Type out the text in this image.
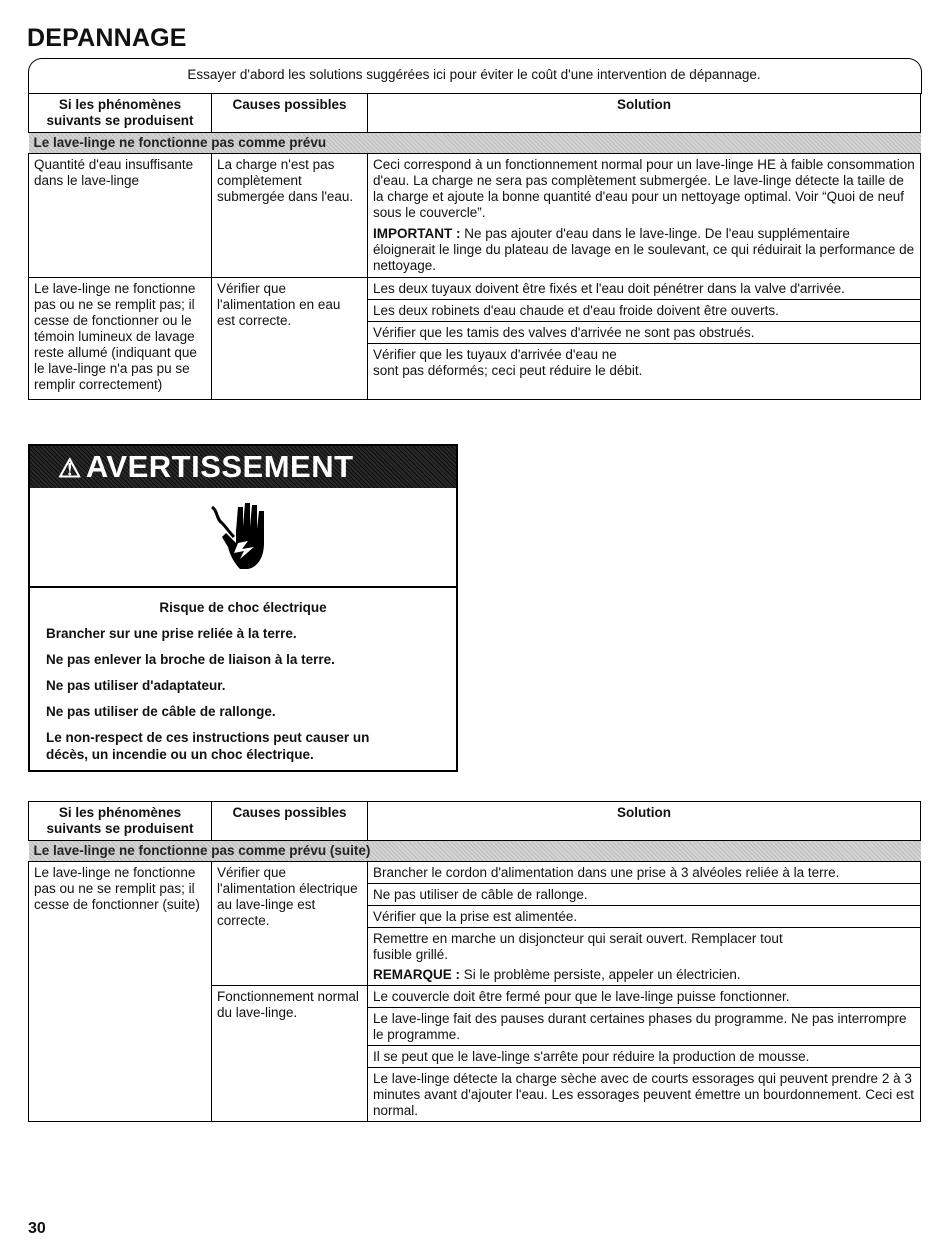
DEPANNAGE
Essayer d'abord les solutions suggérées ici pour éviter le coût d'une intervention de dépannage.
Si les phénomènes suivants se produisent	Causes possibles	Solution
Le lave-linge ne fonctionne pas comme prévu		
Quantité d'eau insuffisante dans le lave-linge	La charge n'est pas complètement submergée dans l'eau.	Ceci correspond à un fonctionnement normal pour un lave-linge HE à faible consommation d'eau. La charge ne sera pas complètement submergée. Le lave-linge détecte la taille de la charge et ajoute la bonne quantité d'eau pour un nettoyage optimal. Voir “Quoi de neuf sous le couvercle”.
IMPORTANT : Ne pas ajouter d'eau dans le lave-linge. De l'eau supplémentaire éloignerait le linge du plateau de lavage en le soulevant, ce qui réduirait la performance de nettoyage.

Le lave-linge ne fonctionne pas ou ne se remplit pas; il cesse de fonctionner ou le témoin lumineux de lavage reste allumé (indiquant que le lave-linge n'a pas pu se remplir correctement)	Vérifier que l'alimentation en eau est correcte.	Les deux tuyaux doivent être fixés et l'eau doit pénétrer dans la valve d'arrivée.
Les deux robinets d'eau chaude et d'eau froide doivent être ouverts.
Vérifier que les tamis des valves d'arrivée ne sont pas obstrués.
Vérifier que les tuyaux d'arrivée d'eau ne sont pas déformés; ceci peut réduire le débit.
⚠ AVERTISSEMENT
Risque de choc électrique
Brancher sur une prise reliée à la terre.
Ne pas enlever la broche de liaison à la terre.
Ne pas utiliser d'adaptateur.
Ne pas utiliser de câble de rallonge.
Le non-respect de ces instructions peut causer un décès, un incendie ou un choc électrique.
Si les phénomènes suivants se produisent	Causes possibles	Solution
Le lave-linge ne fonctionne pas comme prévu (suite)		
Le lave-linge ne fonctionne pas ou ne se remplit pas; il cesse de fonctionner (suite)	Vérifier que l'alimentation électrique au lave-linge est correcte.	Brancher le cordon d'alimentation dans une prise à 3 alvéoles reliée à la terre.
Ne pas utiliser de câble de rallonge.
Vérifier que la prise est alimentée.
Remettre en marche un disjoncteur qui serait ouvert. Remplacer tout fusible grillé.
REMARQUE : Si le problème persiste, appeler un électricien.

	Fonctionnement normal du lave-linge.	Le couvercle doit être fermé pour que le lave-linge puisse fonctionner.
Le lave-linge fait des pauses durant certaines phases du programme. Ne pas interrompre le programme.
Il se peut que le lave-linge s'arrête pour réduire la production de mousse.
Le lave-linge détecte la charge sèche avec de courts essorages qui peuvent prendre 2 à 3 minutes avant d'ajouter l'eau. Les essorages peuvent émettre un bourdonnement. Ceci est normal.
30
